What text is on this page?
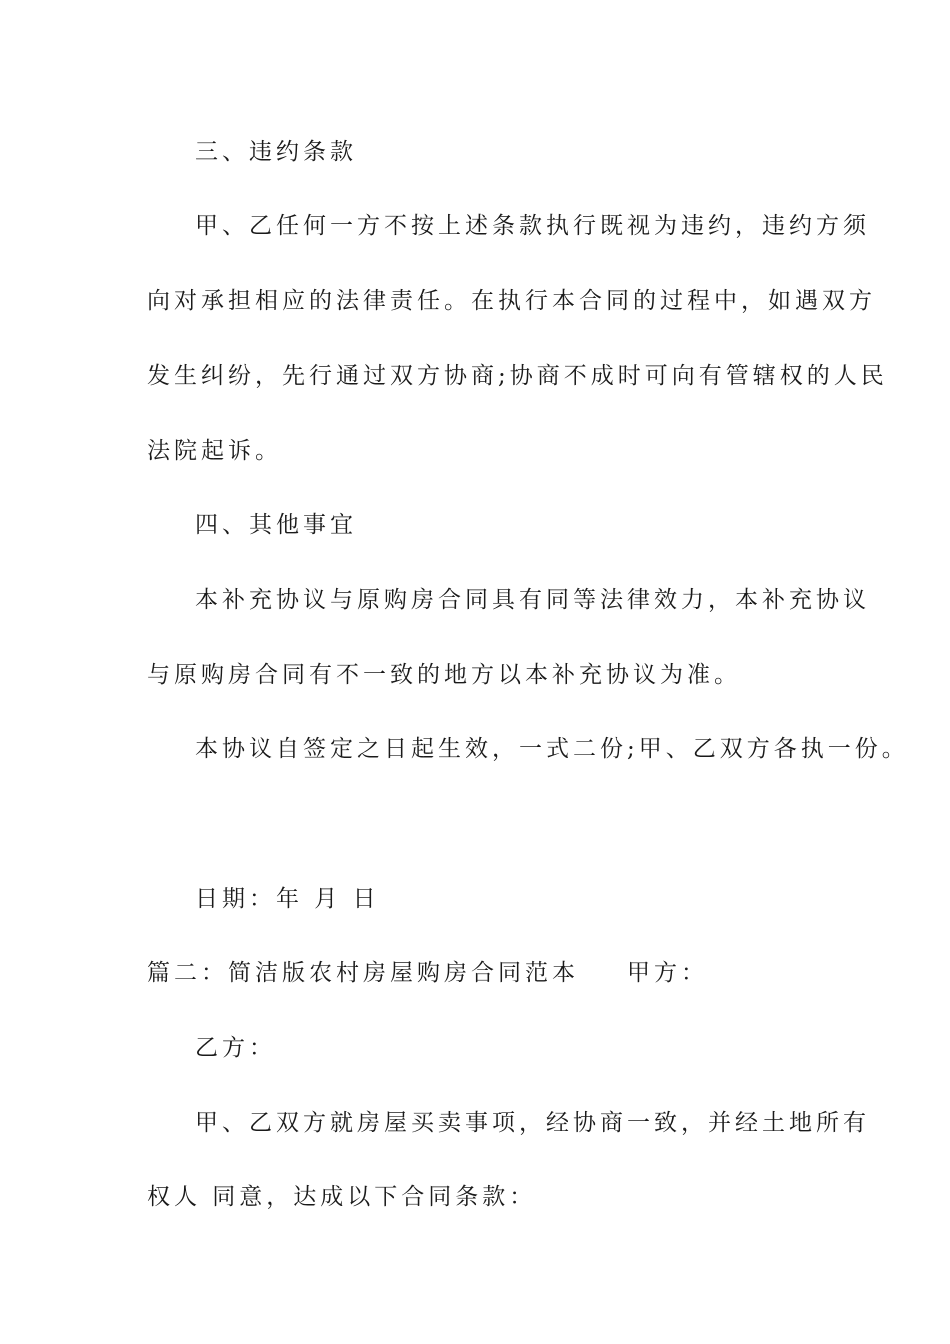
三、违约条款
甲、乙任何一方不按上述条款执行既视为违约，违约方须
向对承担相应的法律责任。在执行本合同的过程中，如遇双方
发生纠纷，先行通过双方协商;协商不成时可向有管辖权的人民
法院起诉。
四、其他事宜
本补充协议与原购房合同具有同等法律效力，本补充协议
与原购房合同有不一致的地方以本补充协议为准。
本协议自签定之日起生效，一式二份;甲、乙双方各执一份。
日期：年 月 日
篇二：简洁版农村房屋购房合同范本 甲方：
乙方：
甲、乙双方就房屋买卖事项，经协商一致，并经土地所有
权人 同意，达成以下合同条款：
